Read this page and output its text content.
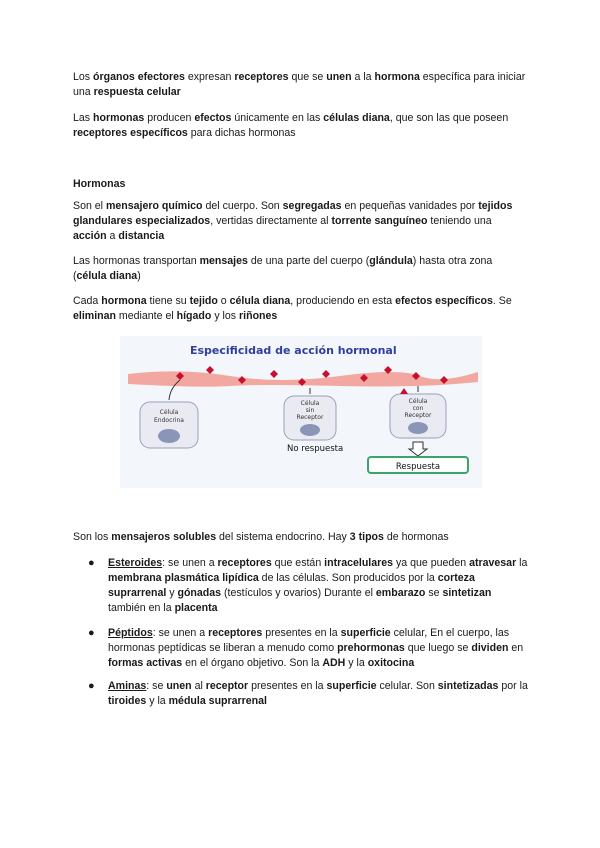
Los órganos efectores expresan receptores que se unen a la hormona específica para iniciar una respuesta celular
Las hormonas producen efectos únicamente en las células diana, que son las que poseen receptores específicos para dichas hormonas
Hormonas
Son el mensajero químico del cuerpo. Son segregadas en pequeñas vanidades por tejidos glandulares especializados, vertidas directamente al torrente sanguíneo teniendo una acción a distancia
Las hormonas transportan mensajes de una parte del cuerpo (glándula) hasta otra zona (célula diana)
Cada hormona tiene su tejido o célula diana, produciendo en esta efectos específicos. Se eliminan mediante el hígado y los riñones
Especificidad de acción hormonal
Célula
Endocrina
Célula
sin
Receptor
Célula
con
Receptor
No respuesta
Respuesta
Son los mensajeros solubles del sistema endocrino. Hay 3 tipos de hormonas
● Esteroides: se unen a receptores que están intracelulares ya que pueden atravesar la membrana plasmática lipídica de las células. Son producidos por la corteza suprarrenal y gónadas (testículos y ovarios) Durante el embarazo se sintetizan también en la placenta
● Péptidos: se unen a receptores presentes en la superficie celular, En el cuerpo, las hormonas peptídicas se liberan a menudo como prehormonas que luego se dividen en formas activas en el órgano objetivo. Son la ADH y la oxitocina
● Aminas: se unen al receptor presentes en la superficie celular. Son sintetizadas por la tiroides y la médula suprarrenal
